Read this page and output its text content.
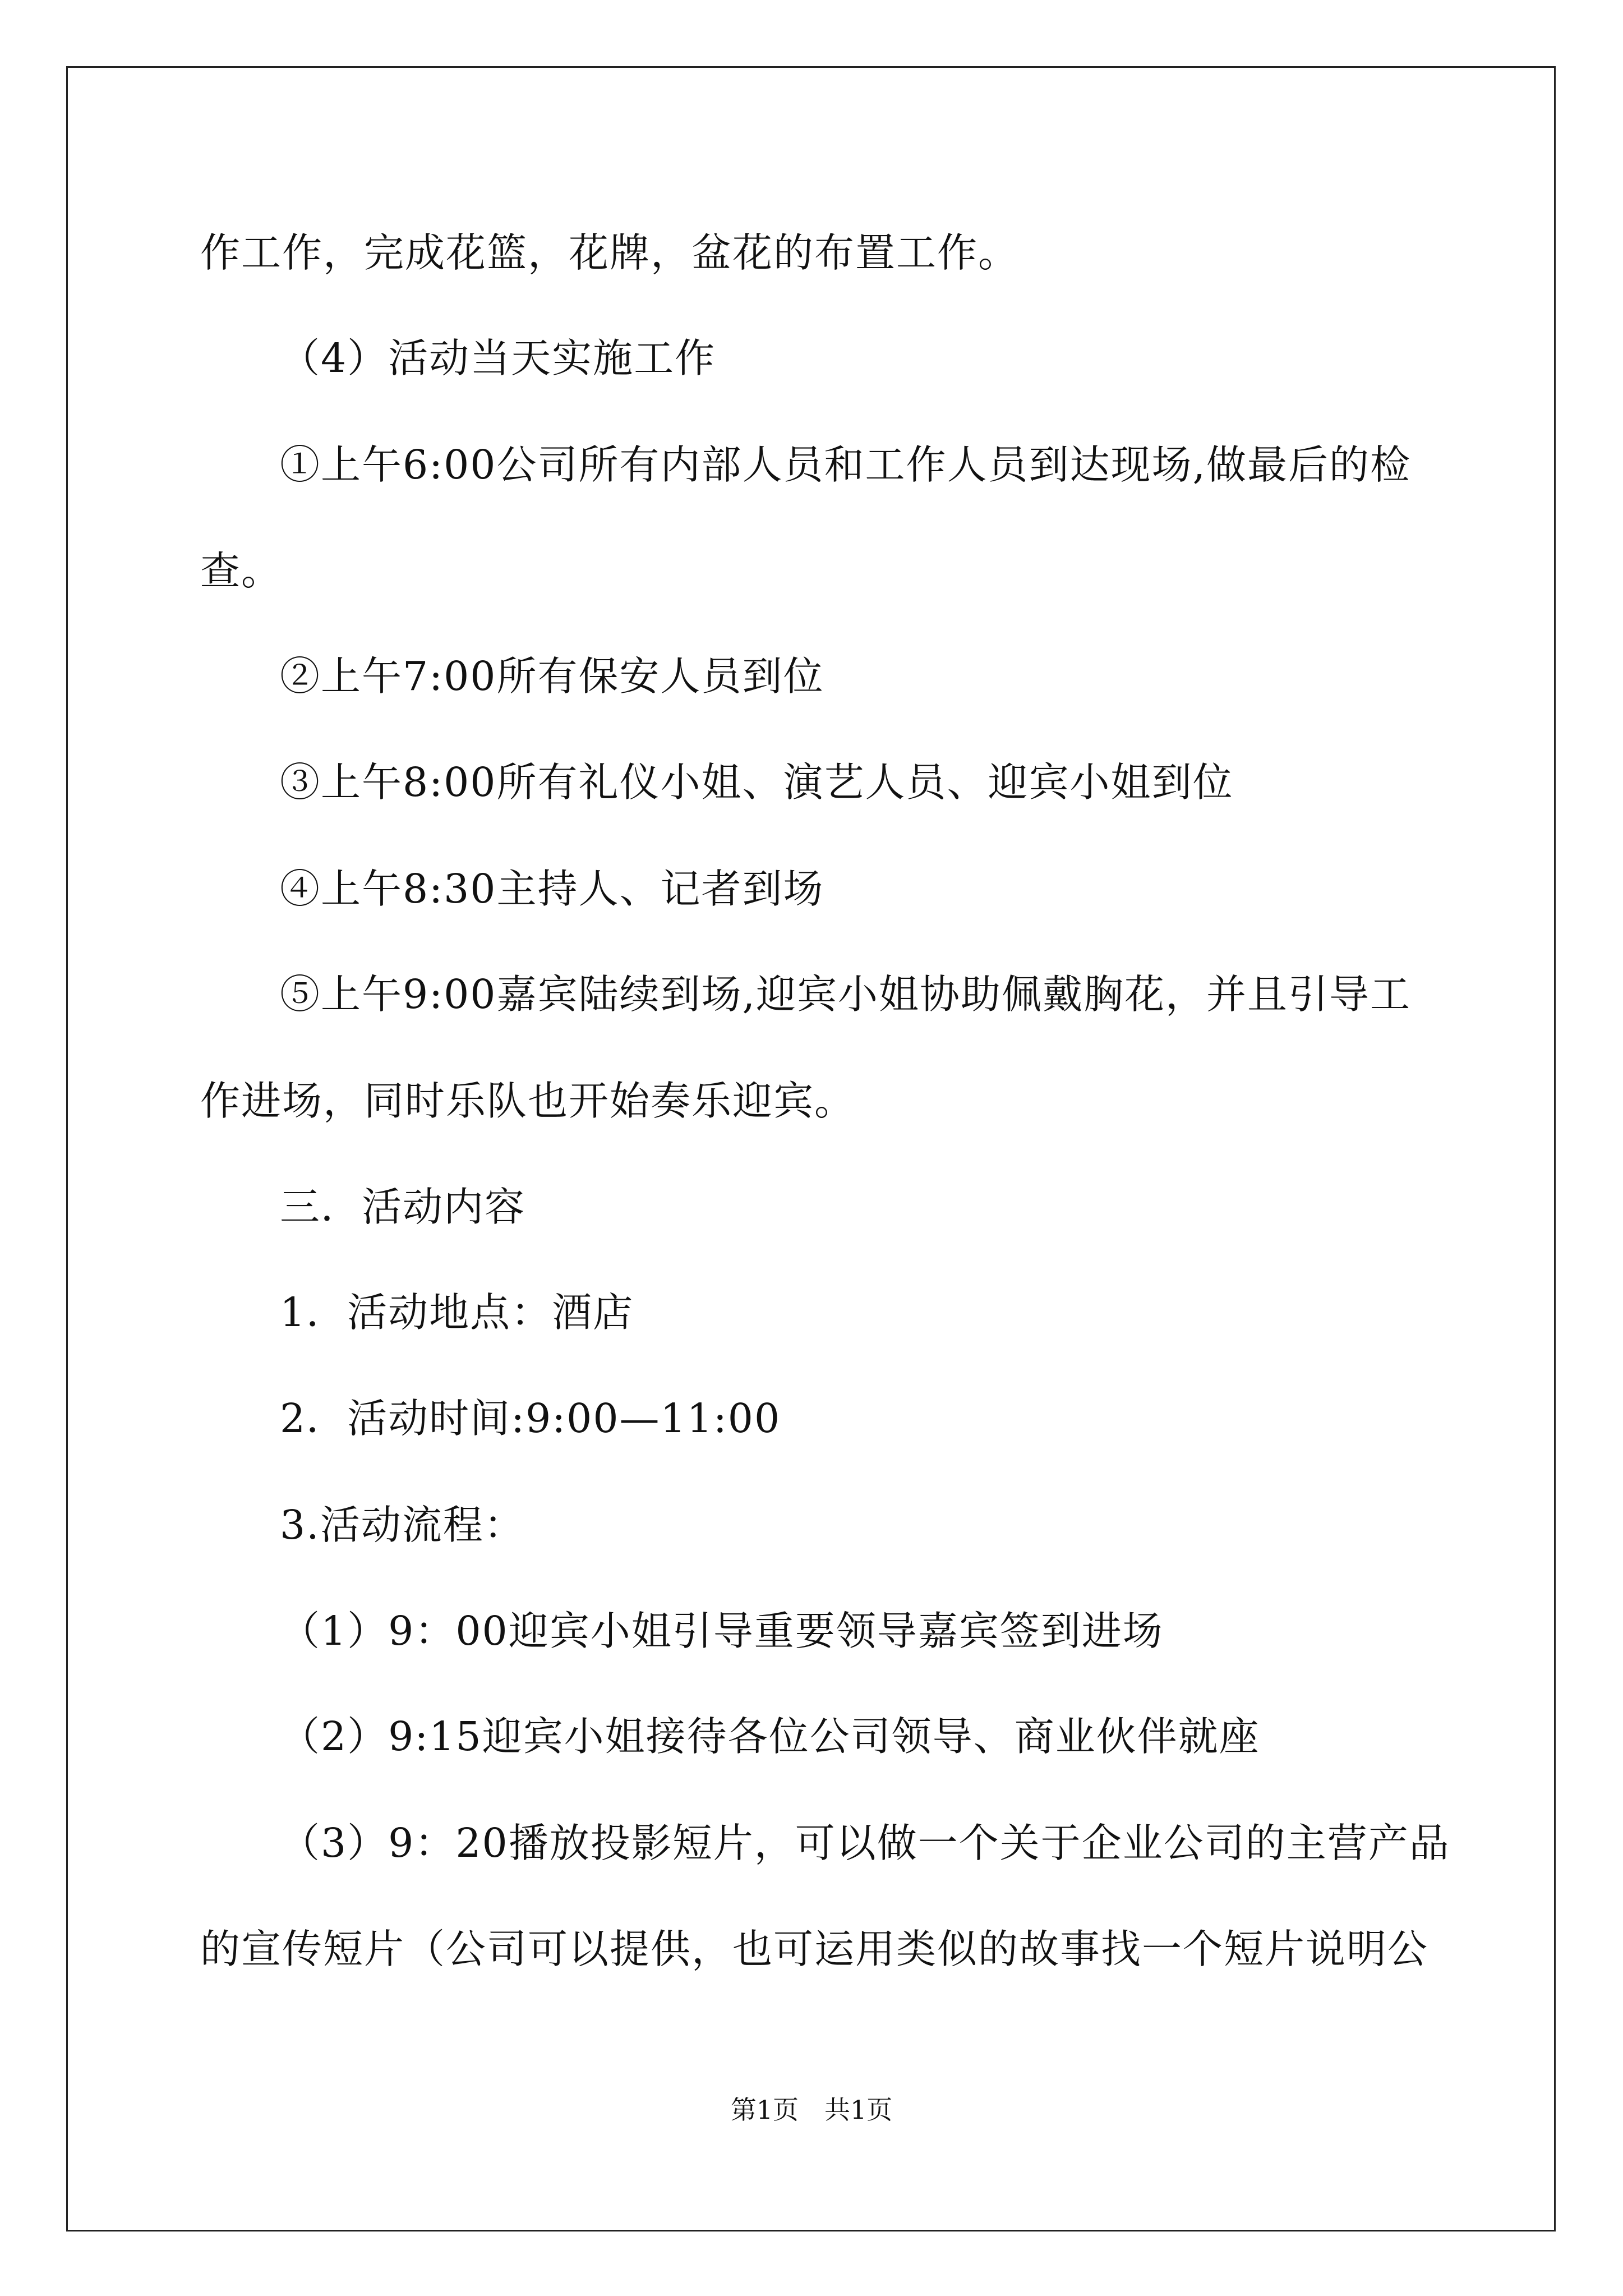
作工作，完成花篮，花牌，盆花的布置工作。
（4）活动当天实施工作
①上午6:00公司所有内部人员和工作人员到达现场,做最后的检
查。
②上午7:00所有保安人员到位
③上午8:00所有礼仪小姐、演艺人员、迎宾小姐到位
④上午8:30主持人、记者到场
⑤上午9:00嘉宾陆续到场,迎宾小姐协助佩戴胸花，并且引导工
作进场，同时乐队也开始奏乐迎宾。
三．活动内容
1．活动地点：酒店
2．活动时间:9:00—11:00
3.活动流程：
（1）9：00迎宾小姐引导重要领导嘉宾签到进场
（2）9:15迎宾小姐接待各位公司领导、商业伙伴就座
（3）9：20播放投影短片，可以做一个关于企业公司的主营产品
的宣传短片（公司可以提供，也可运用类似的故事找一个短片说明公
第1页　共1页
